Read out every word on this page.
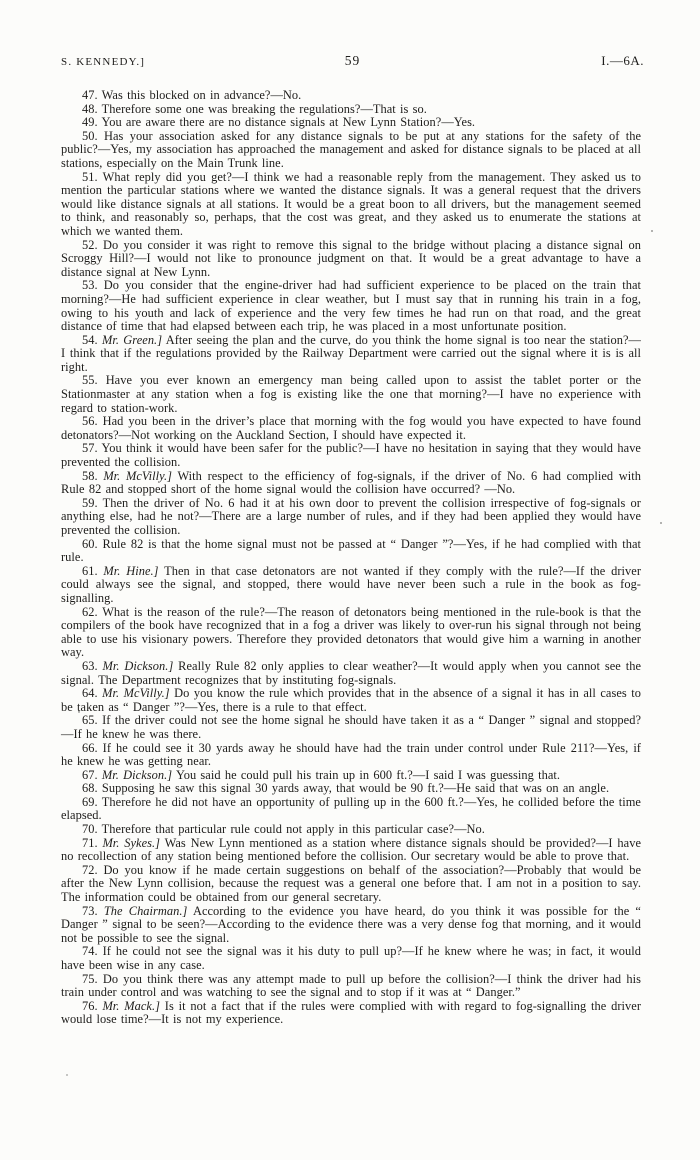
S. KENNEDY.]	59	I.—6A.
47. Was this blocked on in advance?—No.
48. Therefore some one was breaking the regulations?—That is so.
49. You are aware there are no distance signals at New Lynn Station?—Yes.
50. Has your association asked for any distance signals to be put at any stations for the safety of the public?—Yes, my association has approached the management and asked for distance signals to be placed at all stations, especially on the Main Trunk line.
51. What reply did you get?—I think we had a reasonable reply from the management. They asked us to mention the particular stations where we wanted the distance signals. It was a general request that the drivers would like distance signals at all stations. It would be a great boon to all drivers, but the management seemed to think, and reasonably so, perhaps, that the cost was great, and they asked us to enumerate the stations at which we wanted them.
52. Do you consider it was right to remove this signal to the bridge without placing a distance signal on Scroggy Hill?—I would not like to pronounce judgment on that. It would be a great advantage to have a distance signal at New Lynn.
53. Do you consider that the engine-driver had had sufficient experience to be placed on the train that morning?—He had sufficient experience in clear weather, but I must say that in running his train in a fog, owing to his youth and lack of experience and the very few times he had run on that road, and the great distance of time that had elapsed between each trip, he was placed in a most unfortunate position.
54. Mr. Green.] After seeing the plan and the curve, do you think the home signal is too near the station?—I think that if the regulations provided by the Railway Department were carried out the signal where it is is all right.
55. Have you ever known an emergency man being called upon to assist the tablet porter or the Stationmaster at any station when a fog is existing like the one that morning?—I have no experience with regard to station-work.
56. Had you been in the driver’s place that morning with the fog would you have expected to have found detonators?—Not working on the Auckland Section, I should have expected it.
57. You think it would have been safer for the public?—I have no hesitation in saying that they would have prevented the collision.
58. Mr. McVilly.] With respect to the efficiency of fog-signals, if the driver of No. 6 had complied with Rule 82 and stopped short of the home signal would the collision have occurred? —No.
59. Then the driver of No. 6 had it at his own door to prevent the collision irrespective of fog-signals or anything else, had he not?—There are a large number of rules, and if they had been applied they would have prevented the collision.
60. Rule 82 is that the home signal must not be passed at “ Danger ”?—Yes, if he had complied with that rule.
61. Mr. Hine.] Then in that case detonators are not wanted if they comply with the rule?—If the driver could always see the signal, and stopped, there would have never been such a rule in the book as fog-signalling.
62. What is the reason of the rule?—The reason of detonators being mentioned in the rule-book is that the compilers of the book have recognized that in a fog a driver was likely to over-run his signal through not being able to use his visionary powers. Therefore they provided detonators that would give him a warning in another way.
63. Mr. Dickson.] Really Rule 82 only applies to clear weather?—It would apply when you cannot see the signal. The Department recognizes that by instituting fog-signals.
64. Mr. McVilly.] Do you know the rule which provides that in the absence of a signal it has in all cases to be taken as “ Danger ”?—Yes, there is a rule to that effect.
65. If the driver could not see the home signal he should have taken it as a “ Danger ” signal and stopped?—If he knew he was there.
66. If he could see it 30 yards away he should have had the train under control under Rule 211?—Yes, if he knew he was getting near.
67. Mr. Dickson.] You said he could pull his train up in 600 ft.?—I said I was guessing that.
68. Supposing he saw this signal 30 yards away, that would be 90 ft.?—He said that was on an angle.
69. Therefore he did not have an opportunity of pulling up in the 600 ft.?—Yes, he collided before the time elapsed.
70. Therefore that particular rule could not apply in this particular case?—No.
71. Mr. Sykes.] Was New Lynn mentioned as a station where distance signals should be provided?—I have no recollection of any station being mentioned before the collision. Our secretary would be able to prove that.
72. Do you know if he made certain suggestions on behalf of the association?—Probably that would be after the New Lynn collision, because the request was a general one before that. I am not in a position to say. The information could be obtained from our general secretary.
73. The Chairman.] According to the evidence you have heard, do you think it was possible for the “ Danger ” signal to be seen?—According to the evidence there was a very dense fog that morning, and it would not be possible to see the signal.
74. If he could not see the signal was it his duty to pull up?—If he knew where he was; in fact, it would have been wise in any case.
75. Do you think there was any attempt made to pull up before the collision?—I think the driver had his train under control and was watching to see the signal and to stop if it was at “ Danger.”
76. Mr. Mack.] Is it not a fact that if the rules were complied with with regard to fog-signalling the driver would lose time?—It is not my experience.
